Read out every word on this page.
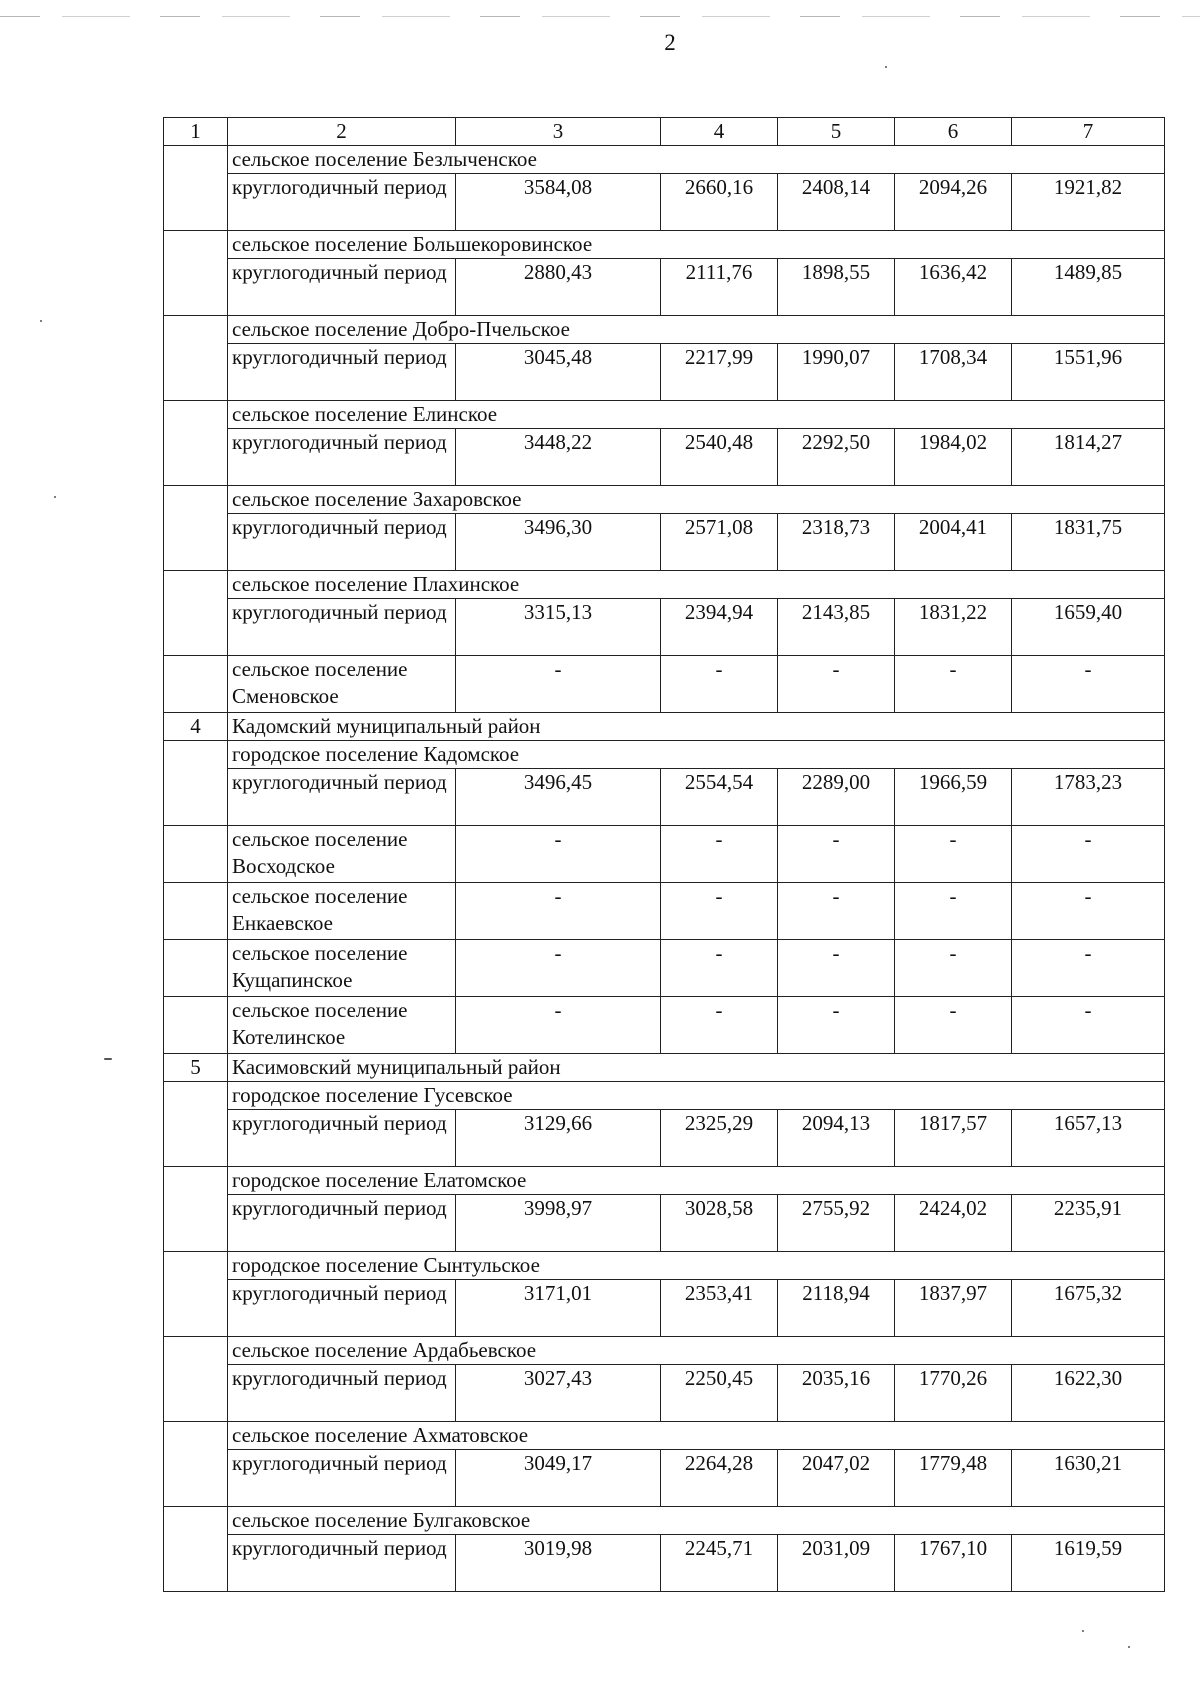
2
1	2	3	4	5	6	7
	сельское поселение Безлыченское					
	круглогодичный период	3584,08	2660,16	2408,14	2094,26	1921,82
	сельское поселение Большекоровинское					
	круглогодичный период	2880,43	2111,76	1898,55	1636,42	1489,85
	сельское поселение Добро-Пчельское					
	круглогодичный период	3045,48	2217,99	1990,07	1708,34	1551,96
	сельское поселение Елинское					
	круглогодичный период	3448,22	2540,48	2292,50	1984,02	1814,27
	сельское поселение Захаровское					
	круглогодичный период	3496,30	2571,08	2318,73	2004,41	1831,75
	сельское поселение Плахинское					
	круглогодичный период	3315,13	2394,94	2143,85	1831,22	1659,40
	сельское поселение Сменовское	-	-	-	-	-
4	Кадомский муниципальный район					
	городское поселение Кадомское					
	круглогодичный период	3496,45	2554,54	2289,00	1966,59	1783,23
	сельское поселение Восходское	-	-	-	-	-
	сельское поселение Енкаевское	-	-	-	-	-
	сельское поселение Кущапинское	-	-	-	-	-
	сельское поселение Котелинское	-	-	-	-	-
5	Касимовский муниципальный район					
	городское поселение Гусевское					
	круглогодичный период	3129,66	2325,29	2094,13	1817,57	1657,13
	городское поселение Елатомское					
	круглогодичный период	3998,97	3028,58	2755,92	2424,02	2235,91
	городское поселение Сынтульское					
	круглогодичный период	3171,01	2353,41	2118,94	1837,97	1675,32
	сельское поселение Ардабьевское					
	круглогодичный период	3027,43	2250,45	2035,16	1770,26	1622,30
	сельское поселение Ахматовское					
	круглогодичный период	3049,17	2264,28	2047,02	1779,48	1630,21
	сельское поселение Булгаковское					
	круглогодичный период	3019,98	2245,71	2031,09	1767,10	1619,59
